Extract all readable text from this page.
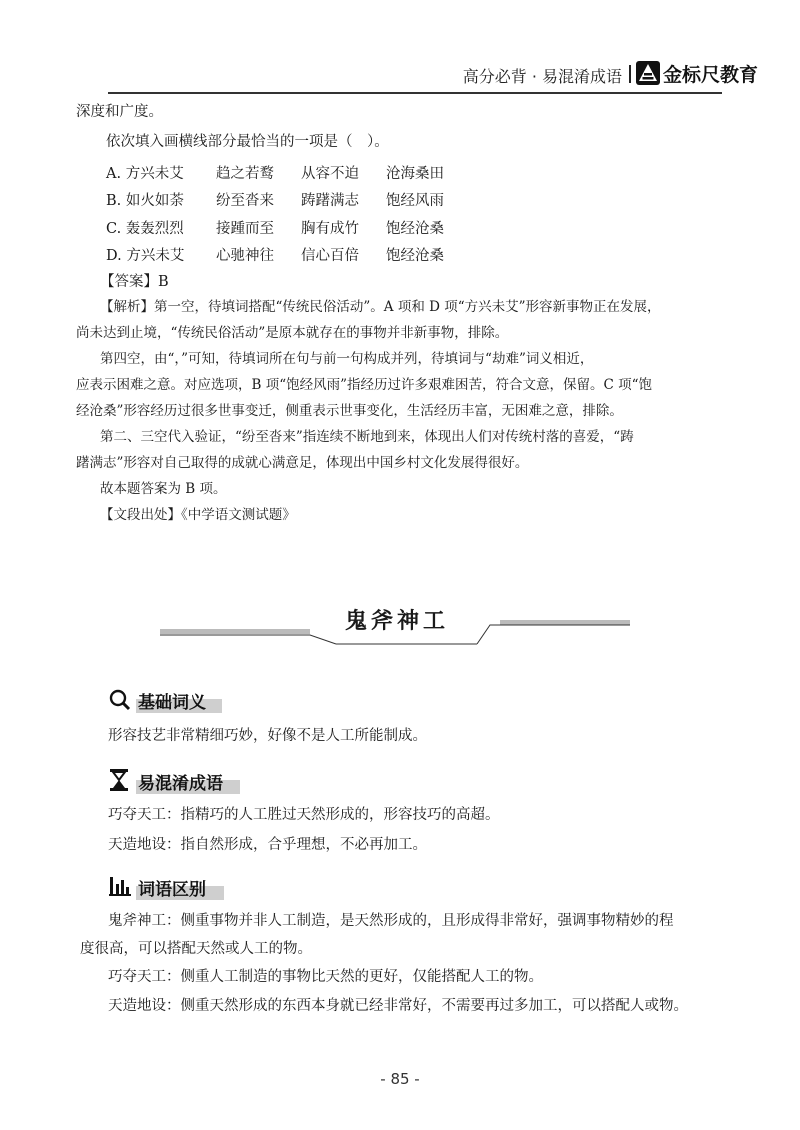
高分必背 · 易混淆成语 金标尺教育
深度和广度。
依次填入画横线部分最恰当的一项是（　）。
A. 方兴未艾 趋之若鹜 从容不迫 沧海桑田
B. 如火如荼 纷至沓来 踌躇满志 饱经风雨
C. 轰轰烈烈 接踵而至 胸有成竹 饱经沧桑
D. 方兴未艾 心驰神往 信心百倍 饱经沧桑
【答案】B
【解析】第一空，待填词搭配“传统民俗活动”。A 项和 D 项“方兴未艾”形容新事物正在发展，
尚未达到止境，“传统民俗活动”是原本就存在的事物并非新事物，排除。
第四空，由“，”可知，待填词所在句与前一句构成并列，待填词与“劫难”词义相近，
应表示困难之意。对应选项，B 项“饱经风雨”指经历过许多艰难困苦，符合文意，保留。C 项“饱
经沧桑”形容经历过很多世事变迁，侧重表示世事变化，生活经历丰富，无困难之意，排除。
第二、三空代入验证，“纷至沓来”指连续不断地到来，体现出人们对传统村落的喜爱，“踌
躇满志”形容对自己取得的成就心满意足，体现出中国乡村文化发展得很好。
故本题答案为 B 项。
【文段出处】《中学语文测试题》
鬼斧神工
基础词义
形容技艺非常精细巧妙，好像不是人工所能制成。
易混淆成语
巧夺天工：指精巧的人工胜过天然形成的，形容技巧的高超。
天造地设：指自然形成，合乎理想，不必再加工。
词语区别
鬼斧神工：侧重事物并非人工制造，是天然形成的，且形成得非常好，强调事物精妙的程
度很高，可以搭配天然或人工的物。
巧夺天工：侧重人工制造的事物比天然的更好，仅能搭配人工的物。
天造地设：侧重天然形成的东西本身就已经非常好，不需要再过多加工，可以搭配人或物。
- 85 -
